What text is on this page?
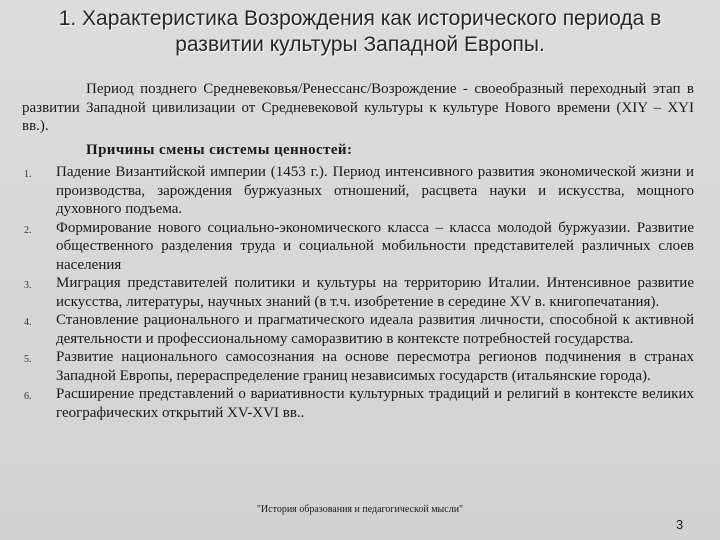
1. Характеристика Возрождения как исторического периода в развитии культуры Западной Европы.

Период позднего Средневековья/Ренессанс/Возрождение - своеобразный переходный этап в развитии Западной цивилизации от Средневековой культуры к культуре Нового времени (XIY – XYI вв.).

Причины смены системы ценностей:
1. Падение Византийской империи (1453 г.). Период интенсивного развития экономической жизни и производства, зарождения буржуазных отношений, расцвета науки и искусства, мощного духовного подъема.
2. Формирование нового социально-экономического класса – класса молодой буржуазии. Развитие общественного разделения труда и социальной мобильности представителей различных слоев населения
3. Миграция представителей политики и культуры на территорию Италии. Интенсивное развитие искусства, литературы, научных знаний (в т.ч. изобретение в середине XV в. книгопечатания).
4. Становление рационального и прагматического идеала развития личности, способной к активной деятельности и профессиональному саморазвитию в контексте потребностей государства.
5. Развитие национального самосознания на основе пересмотра регионов подчинения в странах Западной Европы, перераспределение границ независимых государств (итальянские города).
6. Расширение представлений о вариативности культурных традиций и религий в контексте великих географических открытий XV-XVI вв..
"История образования и педагогической мысли"
3
